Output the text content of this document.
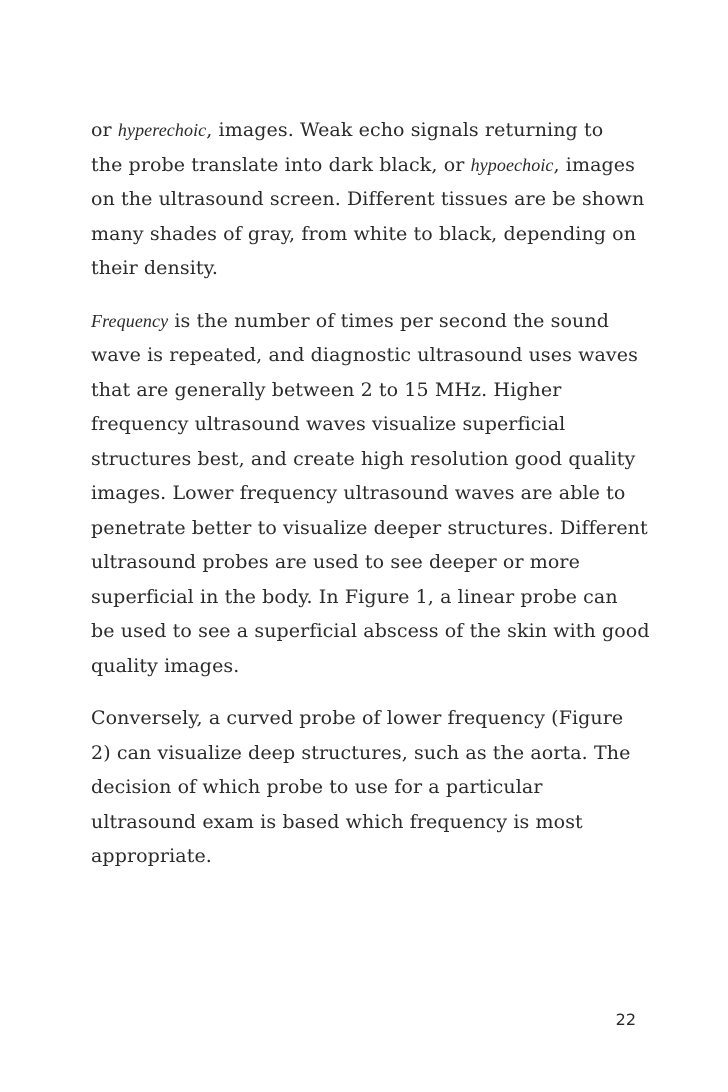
or hyperechoic, images. Weak echo signals returning to
the probe translate into dark black, or hypoechoic, images
on the ultrasound screen. Different tissues are be shown
many shades of gray, from white to black, depending on
their density.
Frequency is the number of times per second the sound
wave is repeated, and diagnostic ultrasound uses waves
that are generally between 2 to 15 MHz. Higher
frequency ultrasound waves visualize superficial
structures best, and create high resolution good quality
images. Lower frequency ultrasound waves are able to
penetrate better to visualize deeper structures. Different
ultrasound probes are used to see deeper or more
superficial in the body. In Figure 1, a linear probe can
be used to see a superficial abscess of the skin with good
quality images.
Conversely, a curved probe of lower frequency (Figure
2) can visualize deep structures, such as the aorta. The
decision of which probe to use for a particular
ultrasound exam is based which frequency is most
appropriate.
22
